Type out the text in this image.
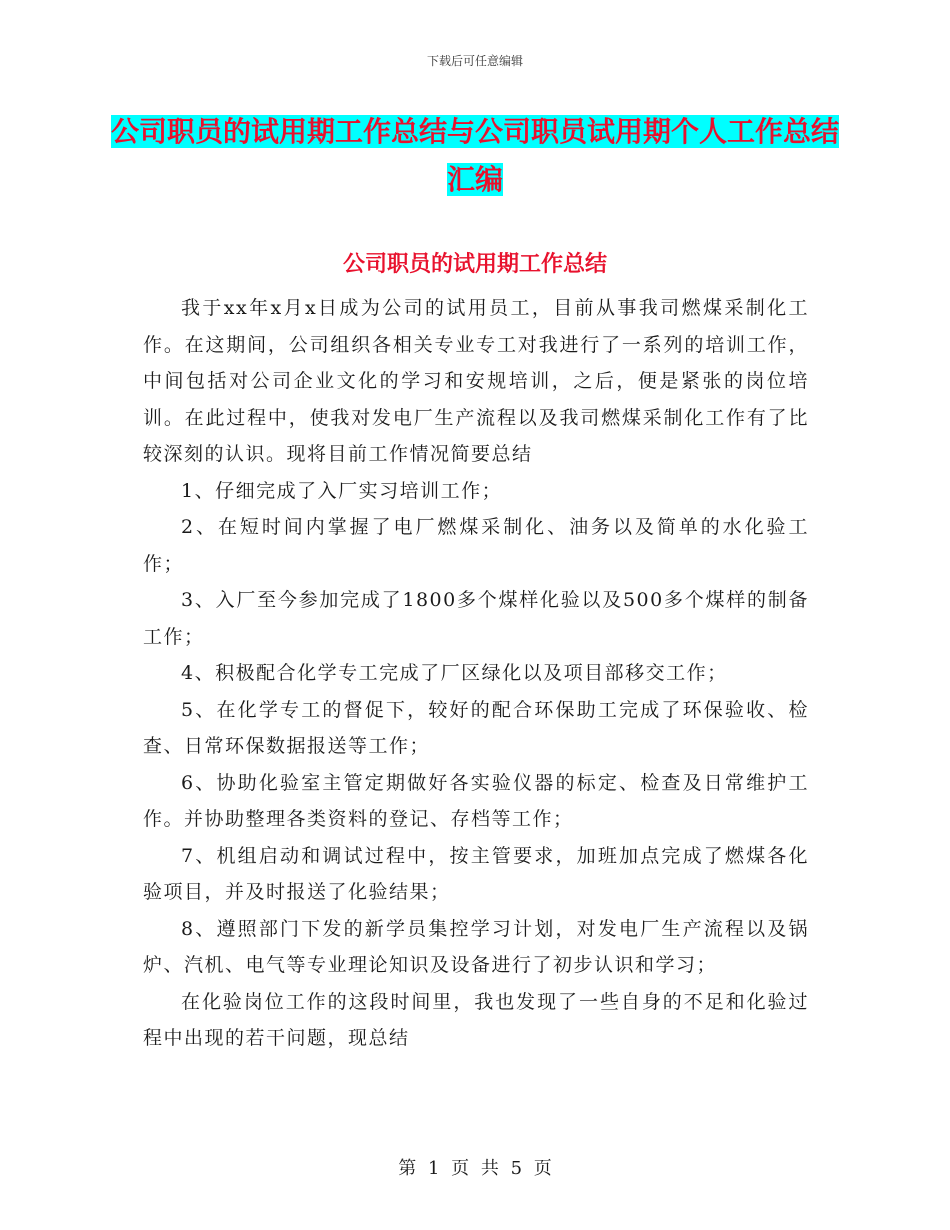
下载后可任意编辑
公司职员的试用期工作总结与公司职员试用期个人工作总结汇编
公司职员的试用期工作总结

我于xx年x月x日成为公司的试用员工，目前从事我司燃煤采制化工作。在这期间，公司组织各相关专业专工对我进行了一系列的培训工作，中间包括对公司企业文化的学习和安规培训，之后，便是紧张的岗位培训。在此过程中，使我对发电厂生产流程以及我司燃煤采制化工作有了比较深刻的认识。现将目前工作情况简要总结

1、仔细完成了入厂实习培训工作；

2、在短时间内掌握了电厂燃煤采制化、油务以及简单的水化验工作；

3、入厂至今参加完成了1800多个煤样化验以及500多个煤样的制备工作；

4、积极配合化学专工完成了厂区绿化以及项目部移交工作；

5、在化学专工的督促下，较好的配合环保助工完成了环保验收、检查、日常环保数据报送等工作；

6、协助化验室主管定期做好各实验仪器的标定、检查及日常维护工作。并协助整理各类资料的登记、存档等工作；

7、机组启动和调试过程中，按主管要求，加班加点完成了燃煤各化验项目，并及时报送了化验结果；

8、遵照部门下发的新学员集控学习计划，对发电厂生产流程以及锅炉、汽机、电气等专业理论知识及设备进行了初步认识和学习；

在化验岗位工作的这段时间里，我也发现了一些自身的不足和化验过程中出现的若干问题，现总结

第 1 页 共 5 页
